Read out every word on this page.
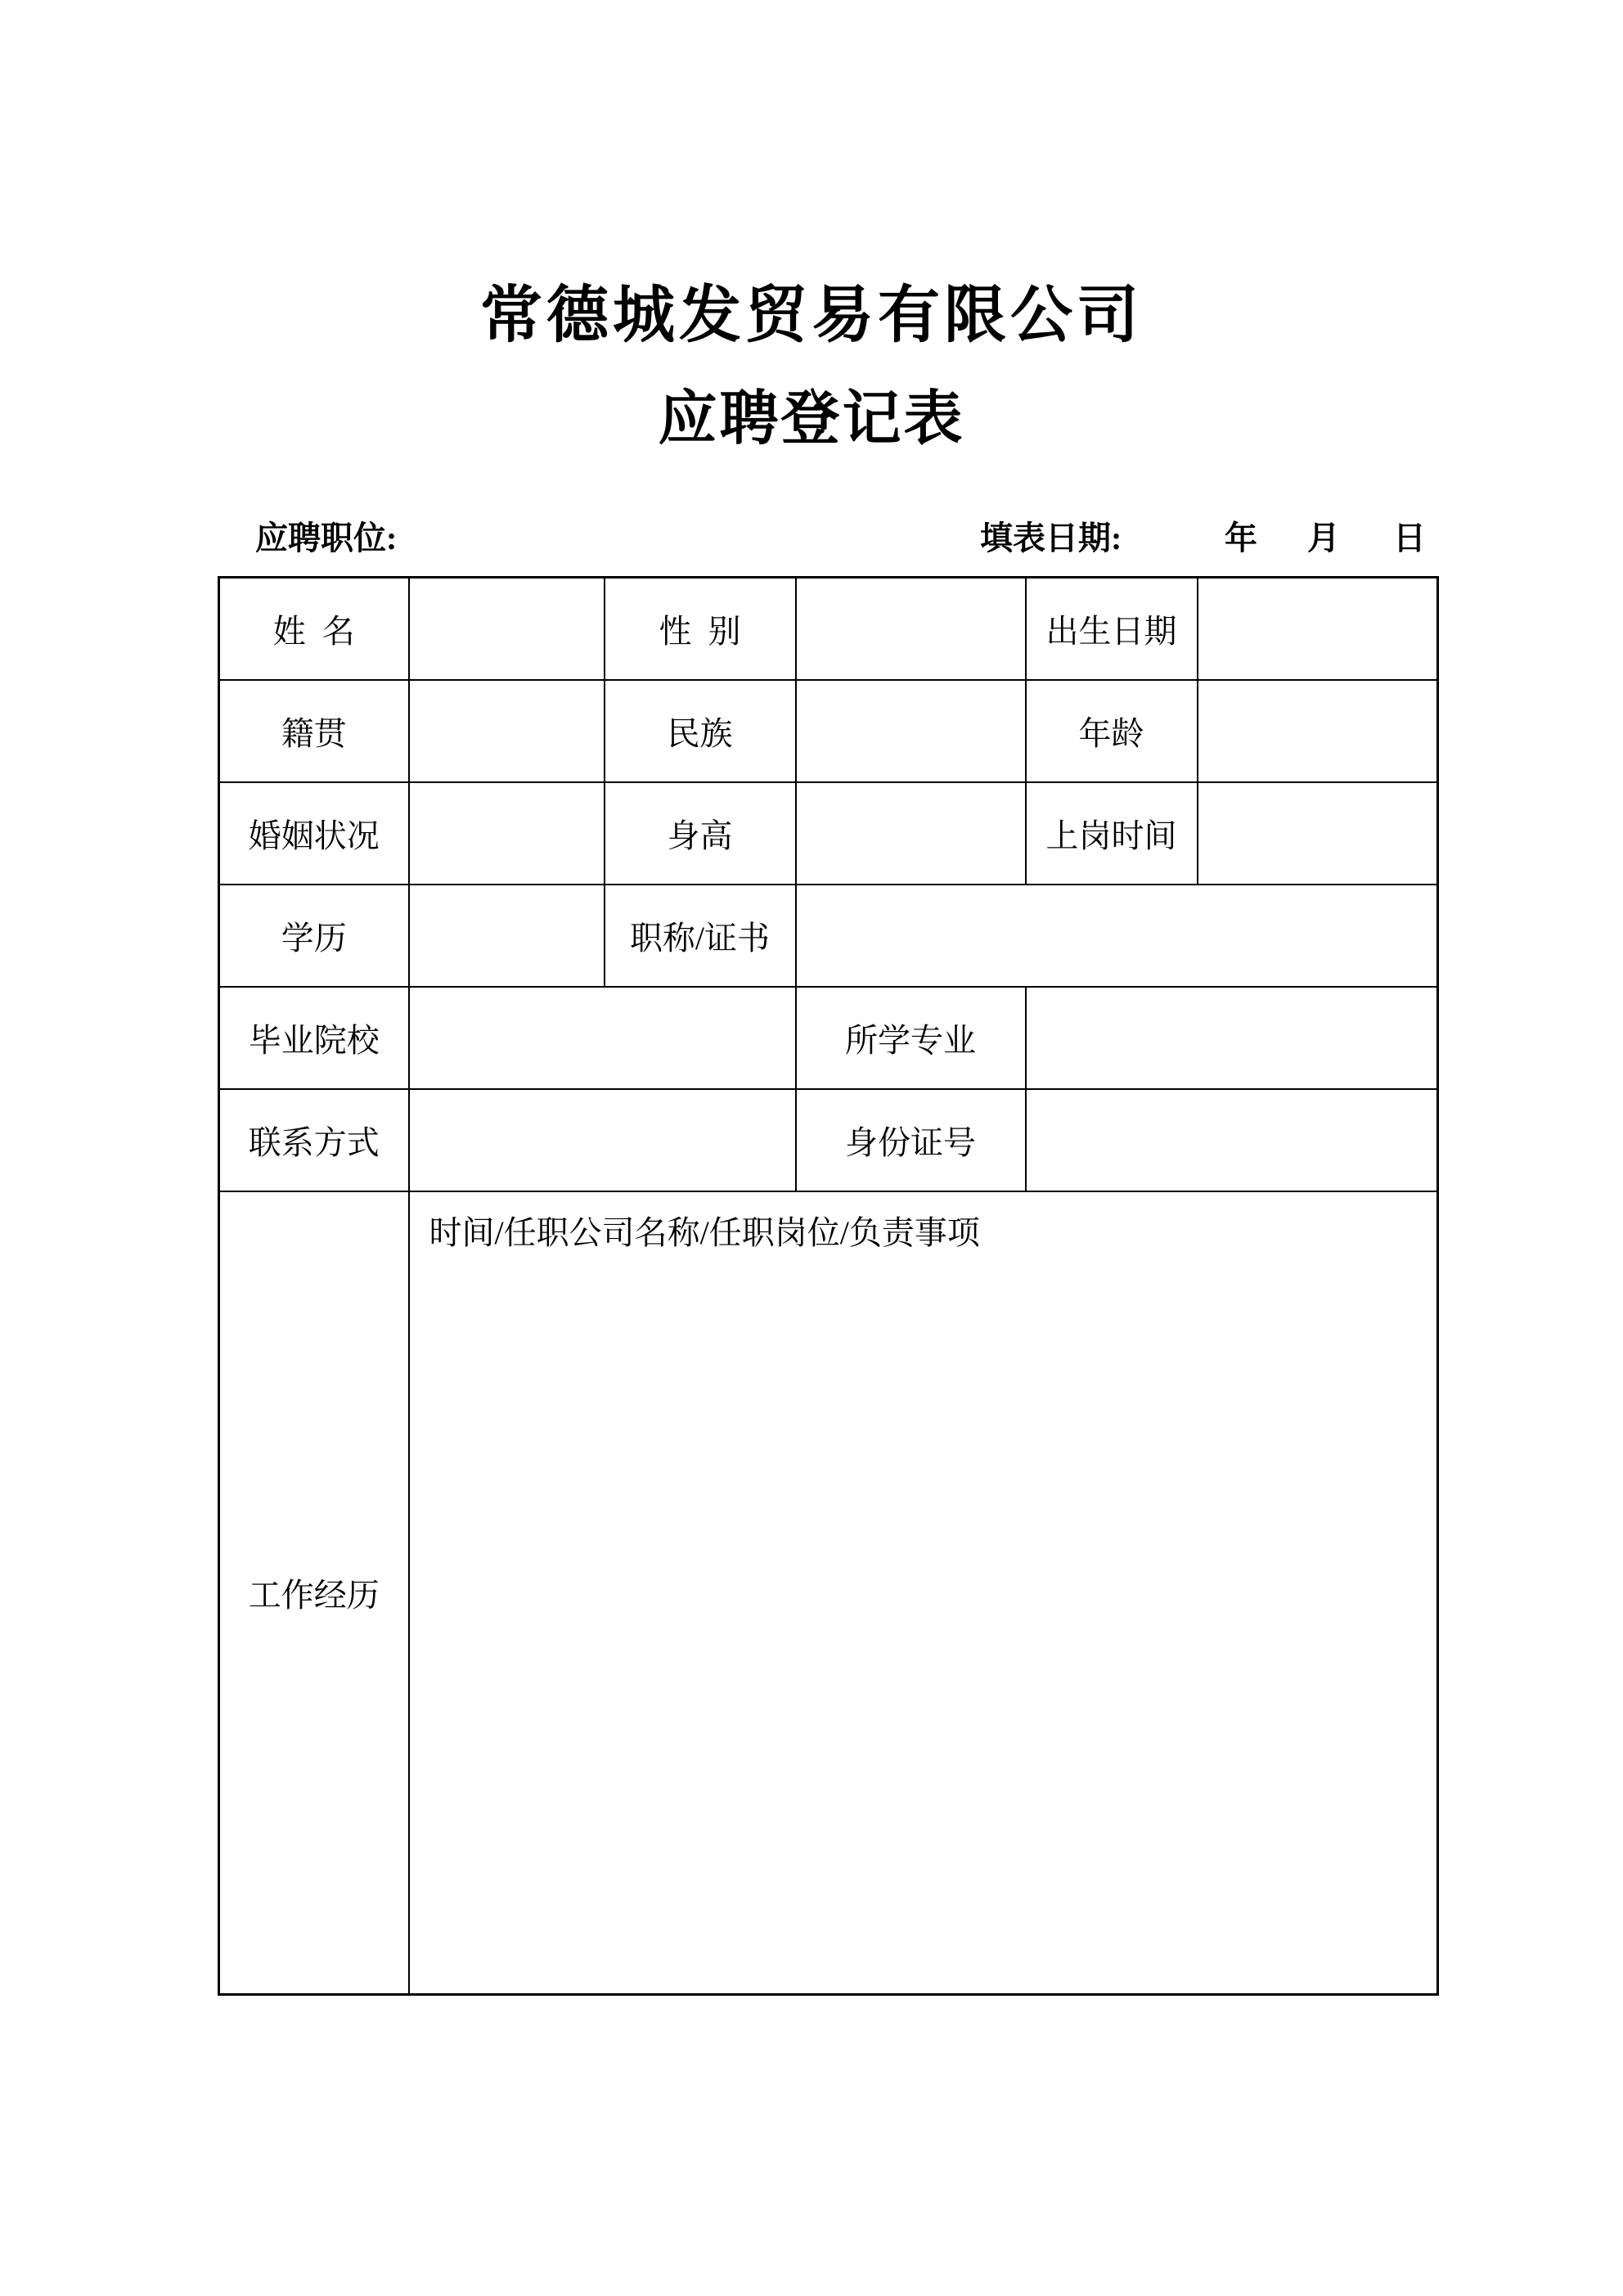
常德城发贸易有限公司
应聘登记表
应聘职位:	填表日期:	年 月 日
姓 名		性 别		出生日期	
籍贯		民族		年龄	
婚姻状况		身高		上岗时间	
学历		职称/证书			
毕业院校			所学专业		
联系方式			身份证号		
工作经历	时间/任职公司名称/任职岗位/负责事项				
